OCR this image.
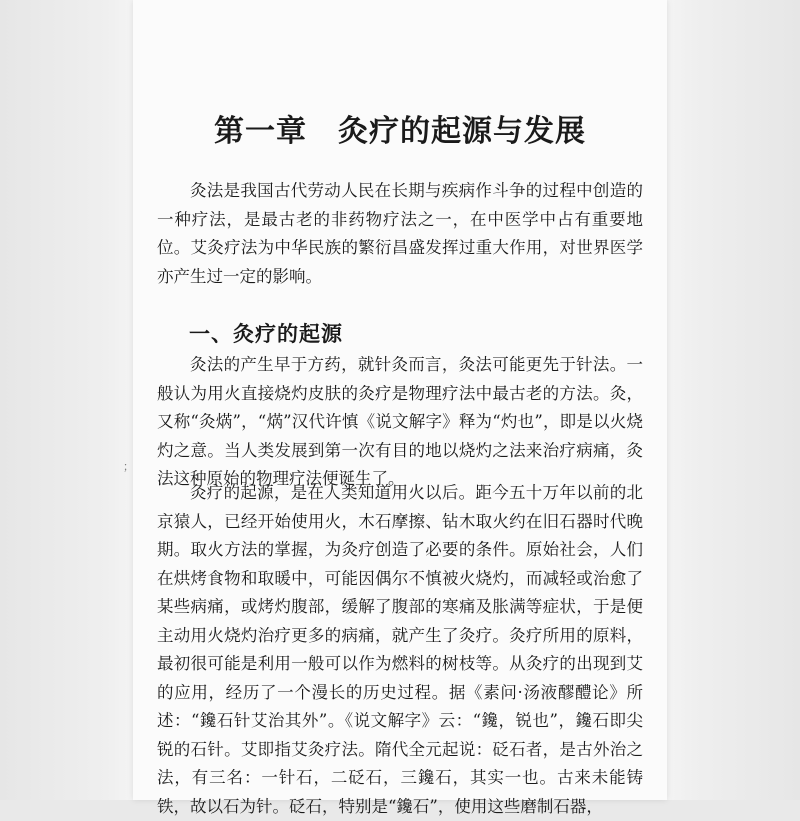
第一章　灸疗的起源与发展

灸法是我国古代劳动人民在长期与疾病作斗争的过程中创造的一种疗法，是最古老的非药物疗法之一，在中医学中占有重要地位。艾灸疗法为中华民族的繁衍昌盛发挥过重大作用，对世界医学亦产生过一定的影响。

一、灸疗的起源

灸法的产生早于方药，就针灸而言，灸法可能更先于针法。一般认为用火直接烧灼皮肤的灸疗是物理疗法中最古老的方法。灸，又称“灸焫”，“焫”汉代许慎《说文解字》释为“灼也”，即是以火烧灼之意。当人类发展到第一次有目的地以烧灼之法来治疗病痛，灸法这种原始的物理疗法便诞生了。

灸疗的起源，是在人类知道用火以后。距今五十万年以前的北京猿人，已经开始使用火，木石摩擦、钻木取火约在旧石器时代晚期。取火方法的掌握，为灸疗创造了必要的条件。原始社会，人们在烘烤食物和取暖中，可能因偶尔不慎被火烧灼，而减轻或治愈了某些病痛，或烤灼腹部，缓解了腹部的寒痛及胀满等症状，于是便主动用火烧灼治疗更多的病痛，就产生了灸疗。灸疗所用的原料，最初很可能是利用一般可以作为燃料的树枝等。从灸疗的出现到艾的应用，经历了一个漫长的历史过程。据《素问·汤液醪醴论》所述：“鑱石针艾治其外”。《说文解字》云：“鑱，锐也”，鑱石即尖锐的石针。艾即指艾灸疗法。隋代全元起说：砭石者，是古外治之法，有三名：一针石，二砭石，三鑱石，其实一也。古来未能铸铁，故以石为针。砭石，特别是“鑱石”，使用这些磨制石器，

；
